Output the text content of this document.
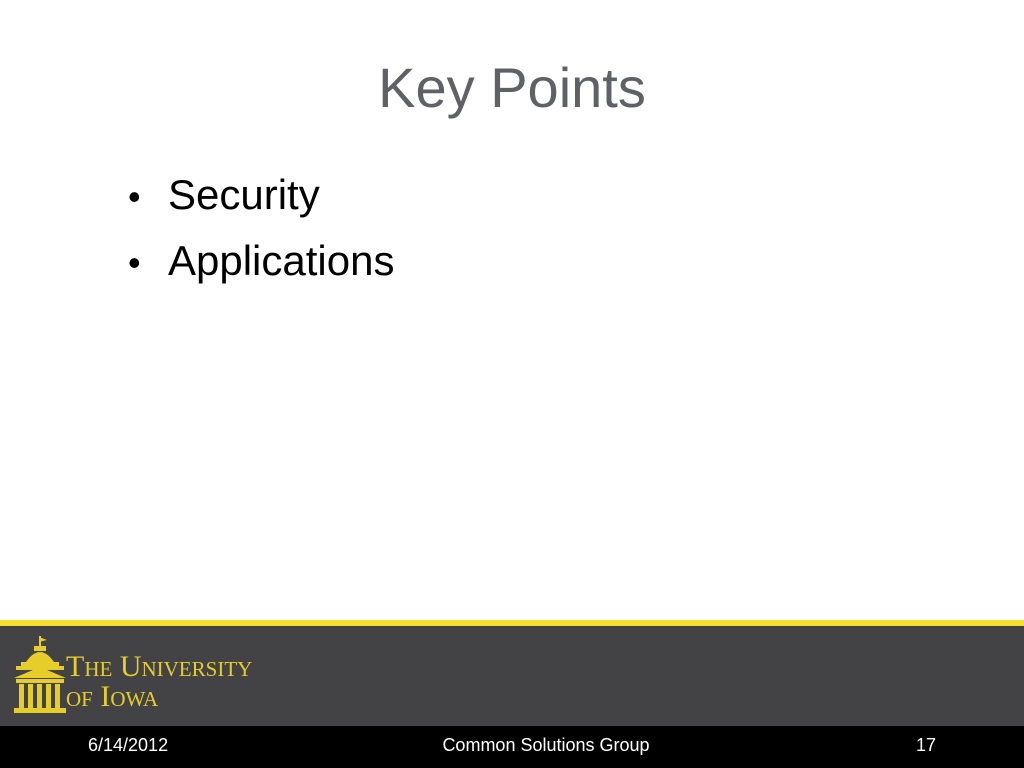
Key Points
• Security
• Applications
The University
of Iowa
6/14/2012	Common Solutions Group	17
